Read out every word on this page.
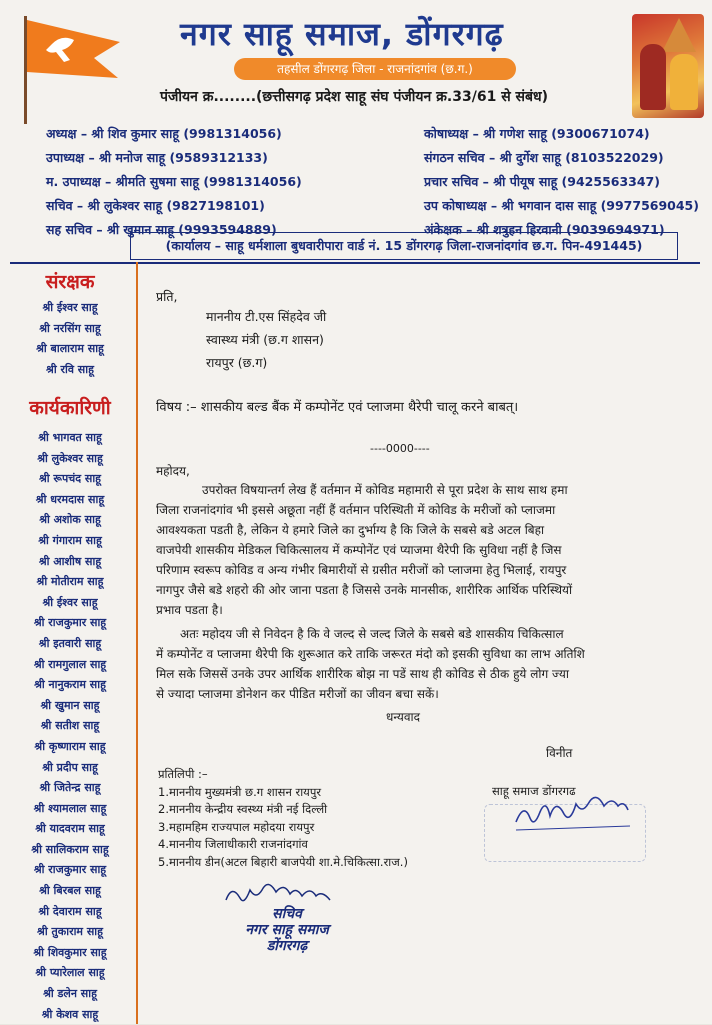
नगर साहू समाज, डोंगरगढ़
तहसील डोंगरगढ़ जिला - राजनांदगांव (छ.ग.)
पंजीयन क्र........(छत्तीसगढ़ प्रदेश साहू संघ पंजीयन क्र.33/61 से संबंध)
अध्यक्ष – श्री शिव कुमार साहू (9981314056)
उपाध्यक्ष – श्री मनोज साहू (9589312133)
म. उपाध्यक्ष – श्रीमति सुषमा साहू (9981314056)
सचिव – श्री लुकेश्वर साहू (9827198101)
सह सचिव – श्री खुमान साहू (9993594889)
कोषाध्यक्ष – श्री गणेश साहू (9300671074)
संगठन सचिव – श्री दुर्गेश साहू (8103522029)
प्रचार सचिव – श्री पीयूष साहू (9425563347)
उप कोषाध्यक्ष – श्री भगवान दास साहू (9977569045)
अंकेक्षक – श्री शत्रुहन हिरवानी (9039694971)
(कार्यालय – साहू धर्मशाला बुधवारीपारा वार्ड नं. 15 डोंगरगढ़ जिला-राजनांदगांव छ.ग. पिन-491445)
संरक्षक
श्री ईश्वर साहू
श्री नरसिंग साहू
श्री बालाराम साहू
श्री रवि साहू
कार्यकारिणी
श्री भागवत साहू
श्री लुकेश्वर साहू
श्री रूपचंद साहू
श्री धरमदास साहू
श्री अशोक साहू
श्री गंगाराम साहू
श्री आशीष साहू
श्री मोतीराम साहू
श्री ईश्वर साहू
श्री राजकुमार साहू
श्री इतवारी साहू
श्री रामगुलाल साहू
श्री नानुकराम साहू
श्री खुमान साहू
श्री सतीश साहू
श्री कृष्णाराम साहू
श्री प्रदीप साहू
श्री जितेन्द्र साहू
श्री श्यामलाल साहू
श्री यादवराम साहू
श्री सालिकराम साहू
श्री राजकुमार साहू
श्री बिरबल साहू
श्री देवाराम साहू
श्री तुकाराम साहू
श्री शिवकुमार साहू
श्री प्यारेलाल साहू
श्री डलेन साहू
श्री केशव साहू
प्रति,
माननीय टी.एस सिंहदेव जी
स्वास्थ्य मंत्री (छ.ग शासन)
रायपुर (छ.ग)
विषय :– शासकीय बल्ड बैंक में कम्पोनेंट एवं प्लाजमा थैरेपी चालू करने बाबत्।
----0000----
महोदय,
उपरोक्त विषयान्तर्ग लेख हैं वर्तमान में कोविड महामारी से पूरा प्रदेश के साथ साथ हमा
जिला राजनांदगांव भी इससे अछूता नहीं हैं वर्तमान परिस्थिती में कोविड के मरीजों को प्लाजमा
आवश्यकता पडती है, लेकिन ये हमारे जिले का दुर्भाग्य है कि जिले के सबसे बडे अटल बिहा
वाजपेयी शासकीय मेडिकल चिकित्सालय में कम्पोनेंट एवं प्याजमा थैरेपी कि सुविधा नहीं है जिस
परिणाम स्वरूप कोविड व अन्य गंभीर बिमारीयों से ग्रसीत मरीजों को प्लाजमा हेतु भिलाई, रायपुर
नागपुर जैसे बडे शहरो की ओर जाना पडता है जिससे उनके मानसीक, शारीरिक आर्थिक परिस्थियों
प्रभाव पडता है।
अतः महोदय जी से निवेदन है कि वे जल्द से जल्द जिले के सबसे बडे शासकीय चिकित्साल
में कम्पोनेंट व प्लाजमा थैरेपी कि शुरूआत करे ताकि जरूरत मंदो को इसकी सुविधा का लाभ अतिशि
मिल सके जिससें उनके उपर आर्थिक शारीरिक बोझ ना पडें साथ ही कोविड से ठीक हुये लोग ज्या
से ज्यादा प्लाजमा डोनेशन कर पीडित मरीजों का जीवन बचा सकें।
धन्यवाद
विनीत
प्रतिलिपी :–
1.माननीय मुख्यमंत्री छ.ग शासन रायपुर
2.माननीय केन्द्रीय स्वस्थ्य मंत्री नई दिल्ली
3.महामहिम राज्यपाल महोदया रायपुर
4.माननीय जिलाधीकारी राजनांदगांव
5.माननीय डीन(अटल बिहारी बाजपेयी शा.मे.चिकित्सा.राज.)
साहू समाज डोंगरगढ
सचिव
नगर साहू समाज
डोंगरगढ़
